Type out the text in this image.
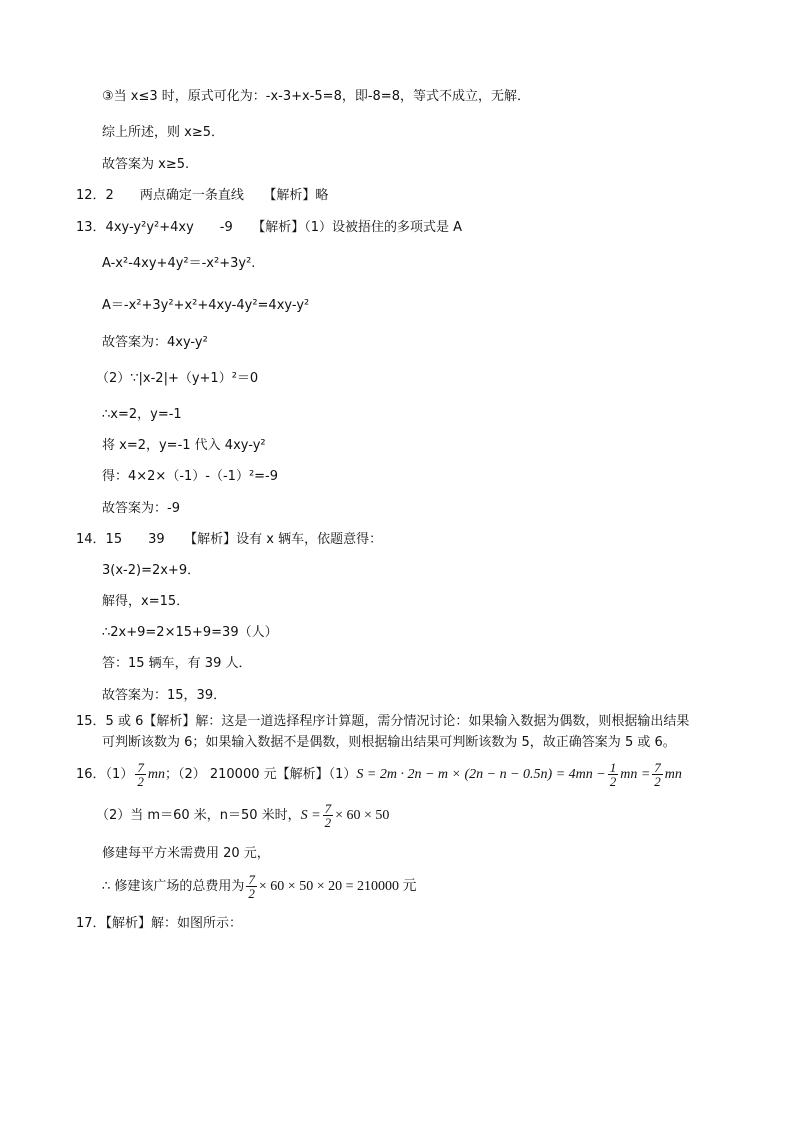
③当 x≤3 时，原式可化为：-x-3+x-5=8，即-8=8，等式不成立，无解．
综上所述，则 x≥5．
故答案为 x≥5.
12．2　　两点确定一条直线　　【解析】略
13．4xy-y²y²+4xy　　-9　　【解析】（1）设被捂住的多项式是 A
A-x²-4xy+4y²＝-x²+3y².
A＝-x²+3y²+x²+4xy-4y²=4xy-y²
故答案为：4xy-y²
（2）∵|x-2|+（y+1）²＝0
∴x=2，y=-1
将 x=2，y=-1 代入 4xy-y²
得：4×2×（-1）-（-1）²=-9
故答案为：-9
14．15　　39　　【解析】设有 x 辆车，依题意得：
3(x-2)=2x+9．
解得，x=15．
∴2x+9=2×15+9=39（人）
答：15 辆车，有 39 人．
故答案为：15，39．
15．5 或 6【解析】解：这是一道选择程序计算题，需分情况讨论：如果输入数据为偶数，则根据输出结果
可判断该数为 6；如果输入数据不是偶数，则根据输出结果可判断该数为 5，故正确答案为 5 或 6。
16．$(1) \frac{7}{2}$ mn；（2） 210000 元【解析】$(1)S = 2m \cdot 2n - m \times (2n - n - 0.5n) = 4mn - \frac{1}{2}$ mn = $\frac{7}{2}$ mn
（2）当 m＝60 米，n＝50 米时，$S = \frac{7}{2} \times 60 \times 50$
修建每平方米需费用 20 元，
∴ 修建该广场的总费用为 $\frac{7}{2} \times 60 \times 50 \times 20 = 210000$ 元
17．【解析】解：如图所示：
